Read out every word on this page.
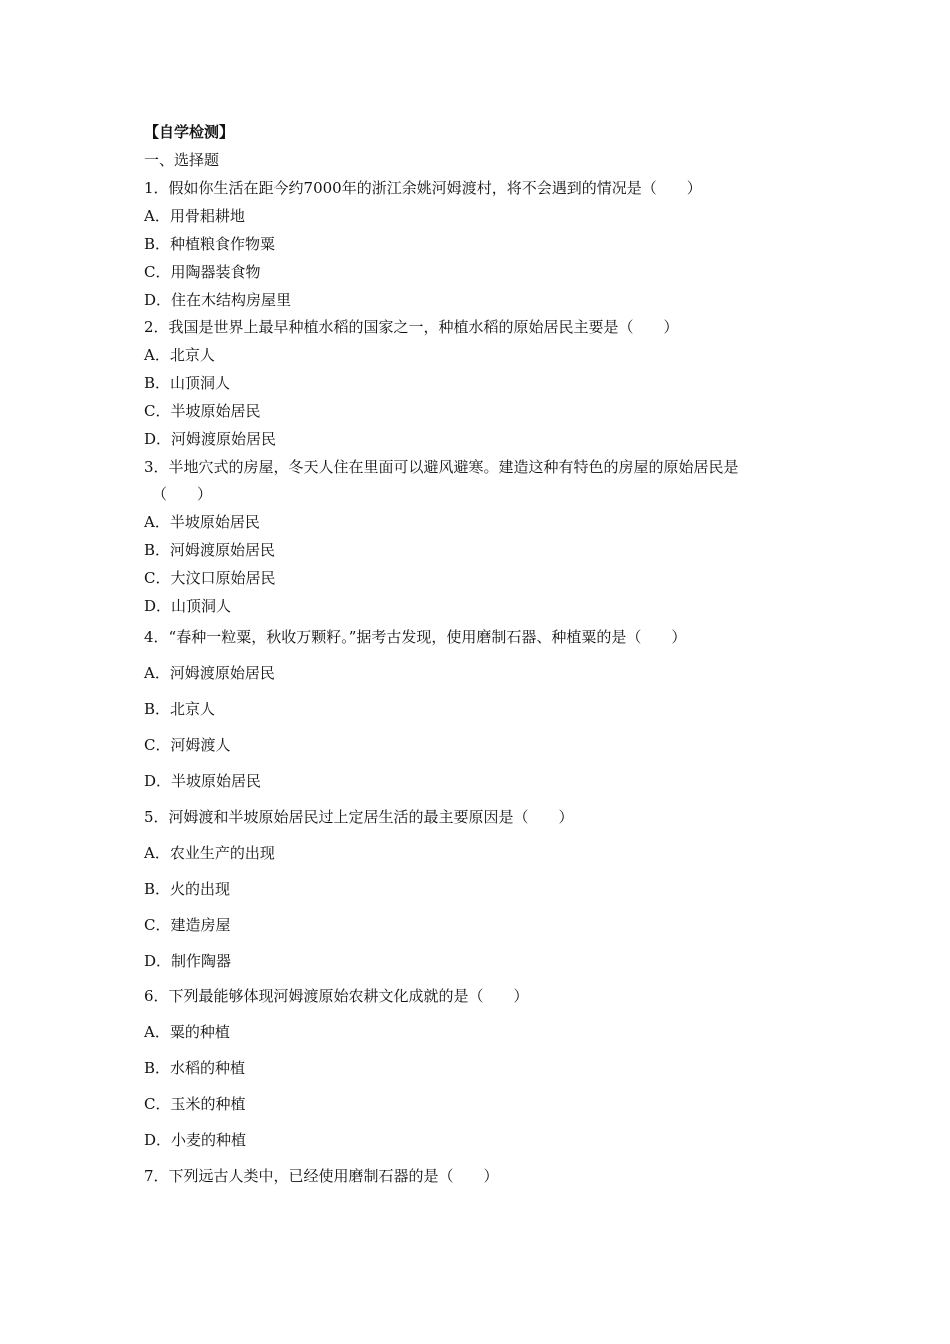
【自学检测】
一、选择题
1．假如你生活在距今约7000年的浙江余姚河姆渡村，将不会遇到的情况是（　　）
A．用骨耜耕地
B．种植粮食作物粟
C．用陶器装食物
D．住在木结构房屋里
2．我国是世界上最早种植水稻的国家之一，种植水稻的原始居民主要是（　　）
A．北京人
B．山顶洞人
C．半坡原始居民
D．河姆渡原始居民
3．半地穴式的房屋，冬天人住在里面可以避风避寒。建造这种有特色的房屋的原始居民是
（　　）
A．半坡原始居民
B．河姆渡原始居民
C．大汶口原始居民
D．山顶洞人
4．“春种一粒粟，秋收万颗籽。”据考古发现，使用磨制石器、种植粟的是（　　）
A．河姆渡原始居民
B．北京人
C．河姆渡人
D．半坡原始居民
5．河姆渡和半坡原始居民过上定居生活的最主要原因是（　　）
A．农业生产的出现
B．火的出现
C．建造房屋
D．制作陶器
6．下列最能够体现河姆渡原始农耕文化成就的是（　　）
A．粟的种植
B．水稻的种植
C．玉米的种植
D．小麦的种植
7．下列远古人类中，已经使用磨制石器的是（　　）
